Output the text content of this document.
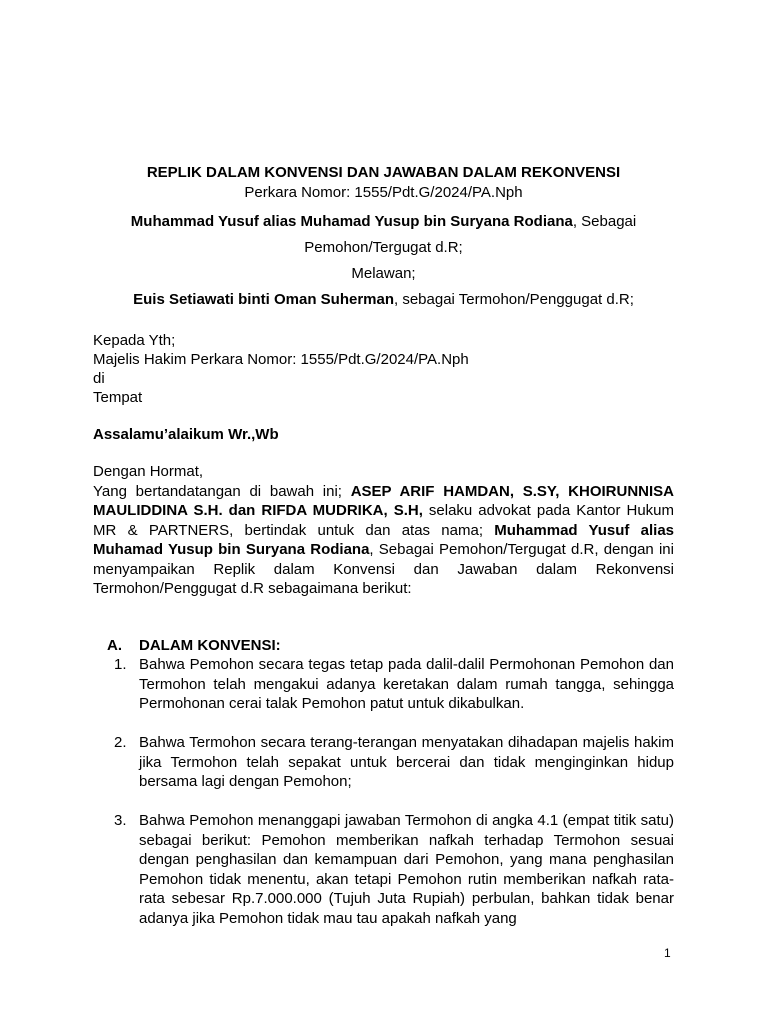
REPLIK DALAM KONVENSI DAN JAWABAN DALAM REKONVENSI

Perkara Nomor: 1555/Pdt.G/2024/PA.Nph

Muhammad Yusuf alias Muhamad Yusup bin Suryana Rodiana, Sebagai

Pemohon/Tergugat d.R;

Melawan;

Euis Setiawati binti Oman Suherman, sebagai Termohon/Penggugat d.R;

Kepada Yth;
Majelis Hakim Perkara Nomor: 1555/Pdt.G/2024/PA.Nph
di
Tempat
Assalamu’alaikum Wr.,Wb
Dengan Hormat,
Yang bertandatangan di bawah ini; ASEP ARIF HAMDAN, S.SY, KHOIRUNNISA MAULIDDINA S.H. dan RIFDA MUDRIKA, S.H, selaku advokat pada Kantor Hukum MR & PARTNERS, bertindak untuk dan atas nama; Muhammad Yusuf alias Muhamad Yusup bin Suryana Rodiana, Sebagai Pemohon/Tergugat d.R, dengan ini menyampaikan Replik dalam Konvensi dan Jawaban dalam Rekonvensi Termohon/Penggugat d.R sebagaimana berikut:
A.	DALAM KONVENSI:
1. Bahwa Pemohon secara tegas tetap pada dalil-dalil Permohonan Pemohon dan Termohon telah mengakui adanya keretakan dalam rumah tangga, sehingga Permohonan cerai talak Pemohon patut untuk dikabulkan.
2. Bahwa Termohon secara terang-terangan menyatakan dihadapan majelis hakim jika Termohon telah sepakat untuk bercerai dan tidak menginginkan hidup bersama lagi dengan Pemohon;
3. Bahwa Pemohon menanggapi jawaban Termohon di angka 4.1 (empat titik satu) sebagai berikut: Pemohon memberikan nafkah terhadap Termohon sesuai dengan penghasilan dan kemampuan dari Pemohon, yang mana penghasilan Pemohon tidak menentu, akan tetapi Pemohon rutin memberikan nafkah rata-rata sebesar Rp.7.000.000 (Tujuh Juta Rupiah) perbulan, bahkan tidak benar adanya jika Pemohon tidak mau tau apakah nafkah yang
1
